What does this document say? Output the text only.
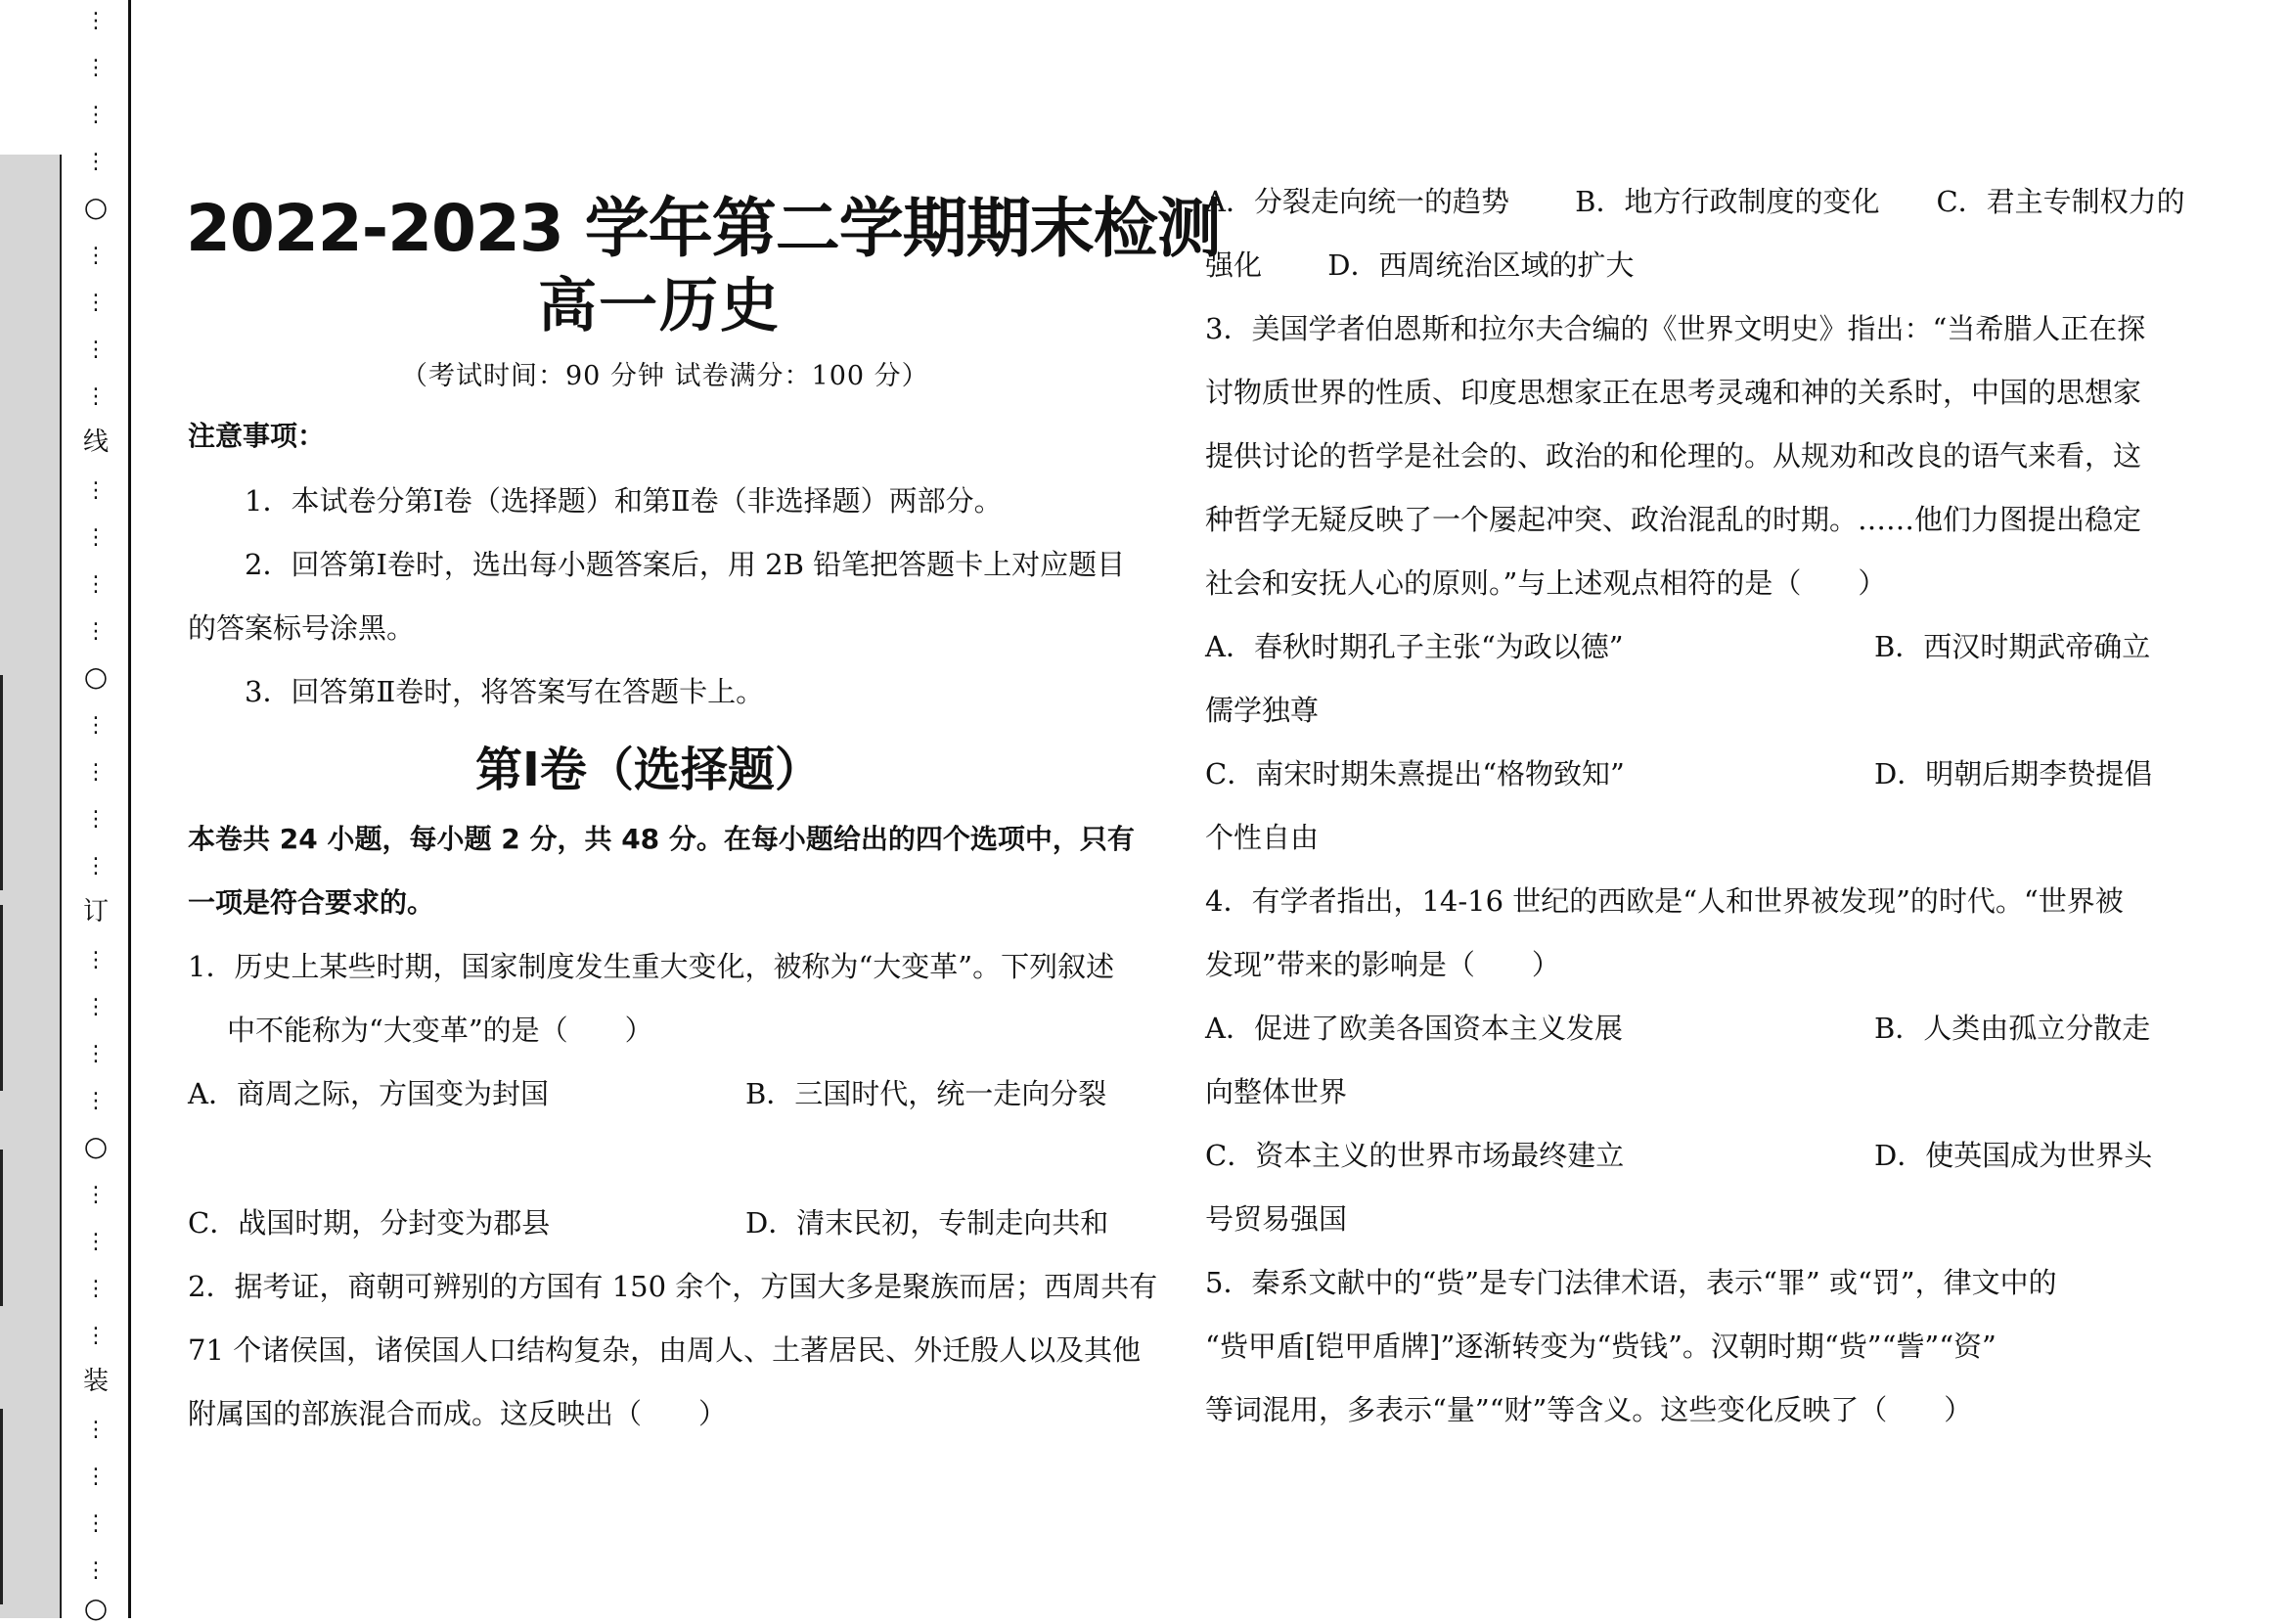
⋮
⋮
⋮
⋮
○
⋮
⋮
⋮
⋮
线
⋮
⋮
⋮
⋮
○
⋮
⋮
⋮
⋮
订
⋮
⋮
⋮
⋮
○
⋮
⋮
⋮
⋮
装
⋮
⋮
⋮
⋮
○
2022-2023 学年第二学期期末检测
高一历史
（考试时间：90 分钟 试卷满分：100 分）
注意事项：
1．本试卷分第Ⅰ卷（选择题）和第Ⅱ卷（非选择题）两部分。
2．回答第Ⅰ卷时，选出每小题答案后，用 2B 铅笔把答题卡上对应题目
的答案标号涂黑。
3．回答第Ⅱ卷时，将答案写在答题卡上。
第Ⅰ卷（选择题）
本卷共 24 小题，每小题 2 分，共 48 分。在每小题给出的四个选项中，只有
一项是符合要求的。
1．历史上某些时期，国家制度发生重大变化，被称为“大变革”。下列叙述
中不能称为“大变革”的是（　　）
A．商周之际，方国变为封国	B．三国时代，统一走向分裂
C．战国时期，分封变为郡县	D．清末民初，专制走向共和
2．据考证，商朝可辨别的方国有 150 余个，方国大多是聚族而居；西周共有
71 个诸侯国，诸侯国人口结构复杂，由周人、土著居民、外迁殷人以及其他
附属国的部族混合而成。这反映出（　　）
A．分裂走向统一的趋势　　 B．地方行政制度的变化　　C．君主专制权力的
强化　　 D．西周统治区域的扩大
3．美国学者伯恩斯和拉尔夫合编的《世界文明史》指出：“当希腊人正在探
讨物质世界的性质、印度思想家正在思考灵魂和神的关系时，中国的思想家
提供讨论的哲学是社会的、政治的和伦理的。从规劝和改良的语气来看，这
种哲学无疑反映了一个屡起冲突、政治混乱的时期。……他们力图提出稳定
社会和安抚人心的原则。”与上述观点相符的是（　　）
A．春秋时期孔子主张“为政以德”	B．西汉时期武帝确立
儒学独尊
C．南宋时期朱熹提出“格物致知”	D．明朝后期李贽提倡
个性自由
4．有学者指出，14-16 世纪的西欧是“人和世界被发现”的时代。“世界被
发现”带来的影响是（　　）
A．促进了欧美各国资本主义发展	B．人类由孤立分散走
向整体世界
C．资本主义的世界市场最终建立	D．使英国成为世界头
号贸易强国
5．秦系文献中的“赀”是专门法律术语，表示“罪” 或“罚”，律文中的
“赀甲盾[铠甲盾牌]”逐渐转变为“赀钱”。汉朝时期“赀”“訾”“资”
等词混用，多表示“量”“财”等含义。这些变化反映了（　　）
